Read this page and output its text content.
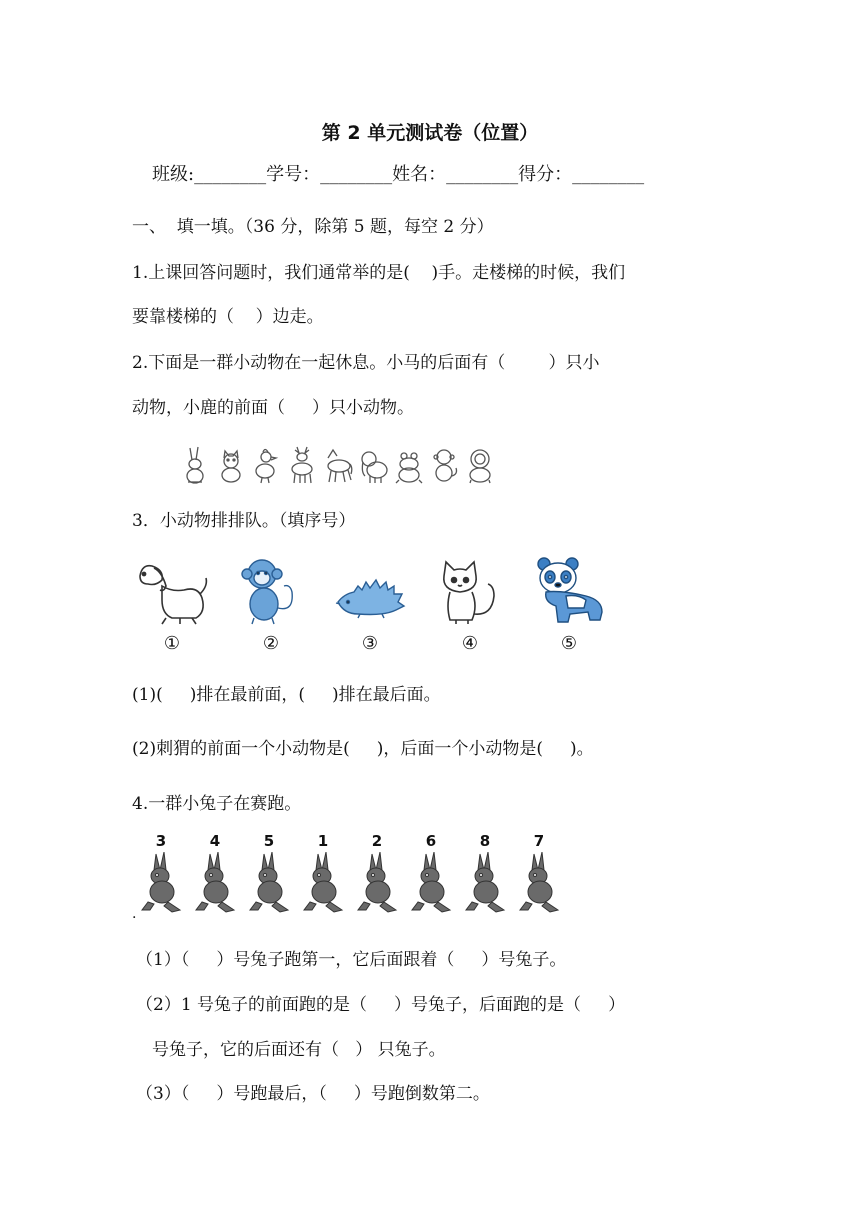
第 2 单元测试卷（位置）
班级:________学号：________姓名：________得分：________
一、  填一填。（36 分，除第 5 题，每空 2 分）
1.上课回答问题时，我们通常举的是(    )手。走楼梯的时候，我们
要靠楼梯的（    ）边走。
2.下面是一群小动物在一起休息。小马的后面有（        ）只小
动物，小鹿的前面（     ）只小动物。
3．小动物排排队。（填序号）
①	②	③	④	⑤
(1)(     )排在最前面，(     )排在最后面。
(2)刺猬的前面一个小动物是(     )，后面一个小动物是(     )。
4.一群小兔子在赛跑。
3	4	5	1	2	6	8	7
.
（1）（     ）号兔子跑第一，它后面跟着（     ）号兔子。
（2）1 号兔子的前面跑的是（     ）号兔子，后面跑的是（     ）
号兔子，它的后面还有（   ） 只兔子。
（3）（     ）号跑最后，（     ）号跑倒数第二。
